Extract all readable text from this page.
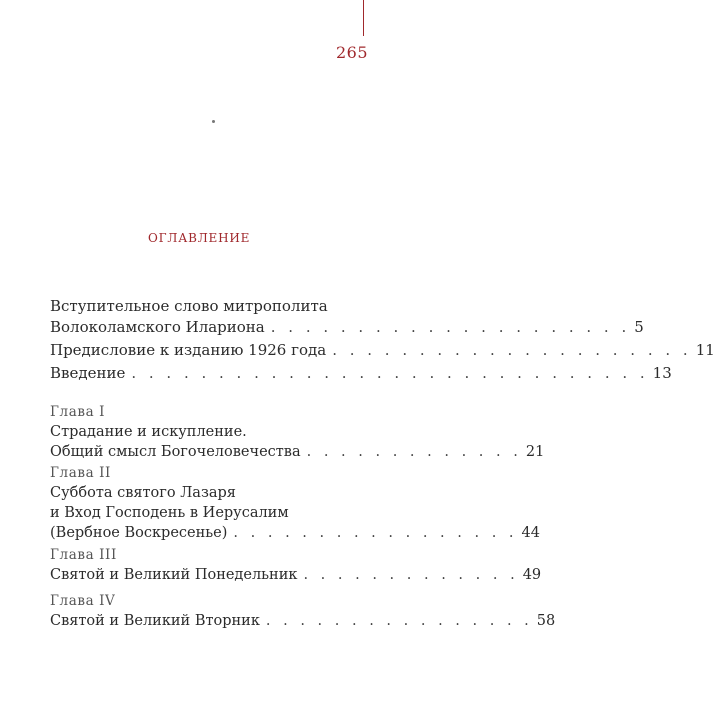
265
ОГЛАВЛЕНИЕ
Вступительное слово митрополита
Волоколамского Илариона . . . . . . . . . . . . . . . . . . . . . 5
Предисловие к изданию 1926 года . . . . . . . . . . . . . . . . . . . . . 11
Введение . . . . . . . . . . . . . . . . . . . . . . . . . . . . . . 13
Глава I
Страдание и искупление.
Общий смысл Богочеловечества . . . . . . . . . . . . . 21
Глава II
Суббота святого Лазаря
и Вход Господень в Иерусалим
(Вербное Воскресенье) . . . . . . . . . . . . . . . . . 44
Глава III
Святой и Великий Понедельник . . . . . . . . . . . . . 49
Глава IV
Святой и Великий Вторник . . . . . . . . . . . . . . . . 58
